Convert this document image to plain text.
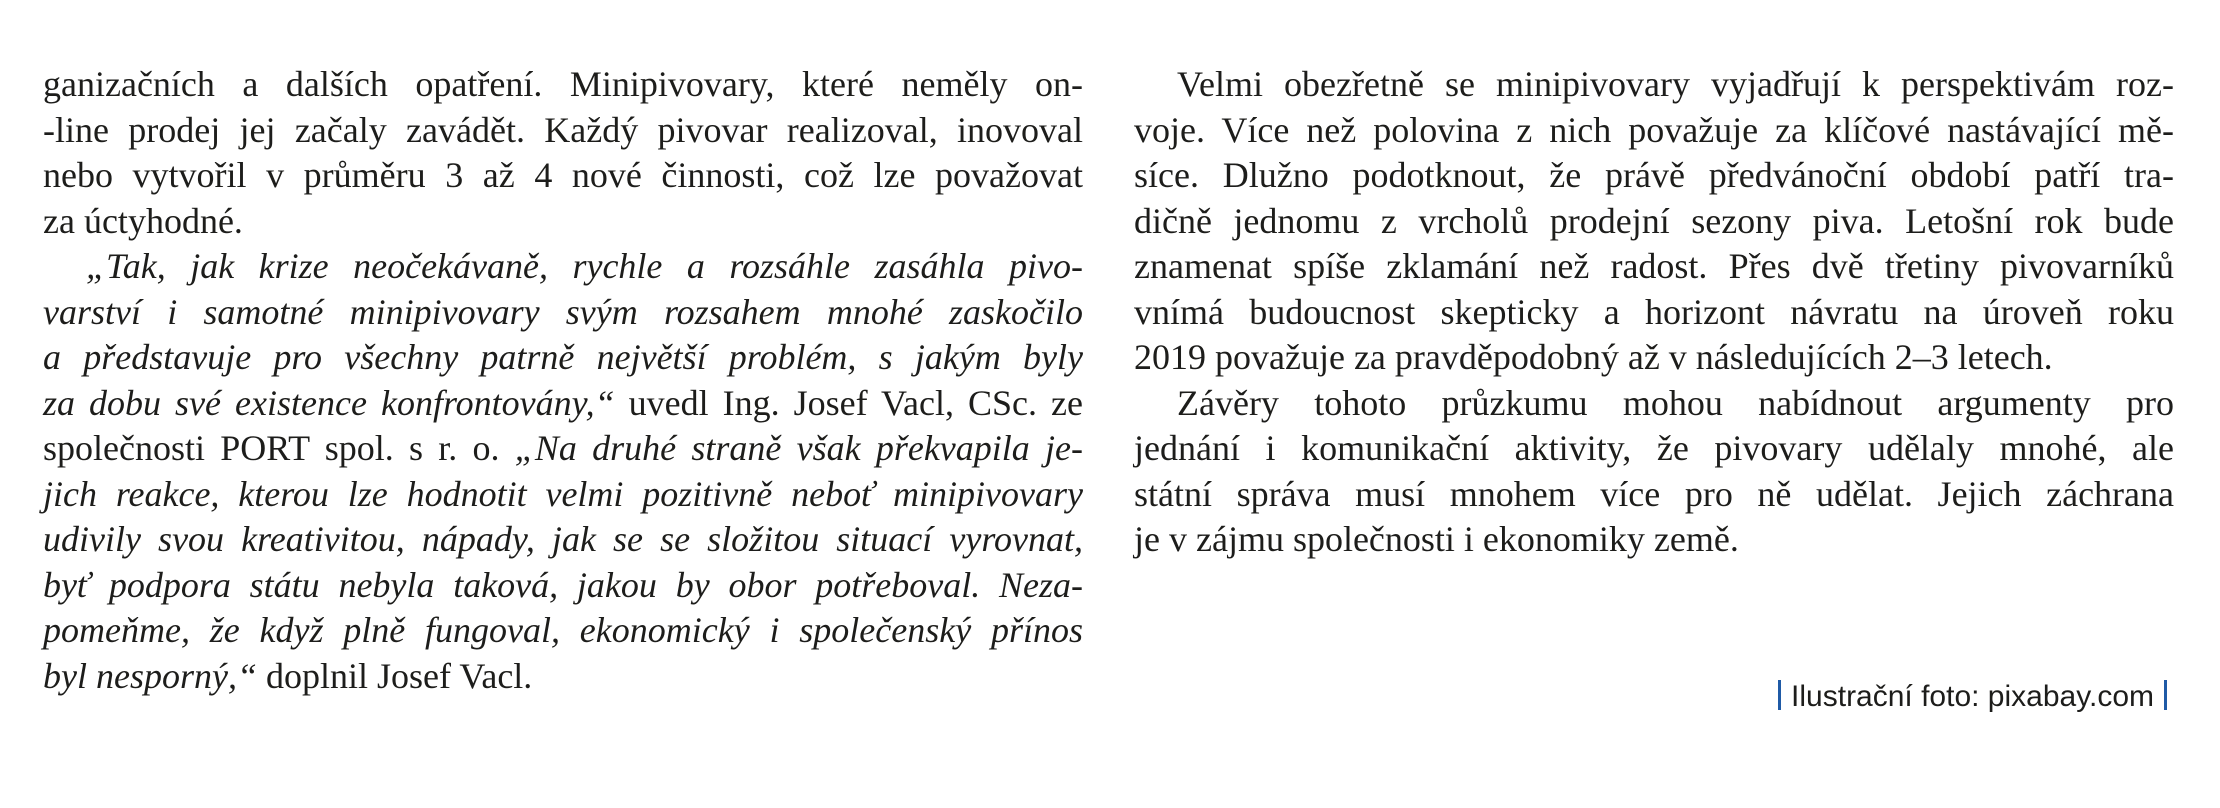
ganizačních a dalších opatření. Minipivovary, které neměly on-
-line prodej jej začaly zavádět. Každý pivovar realizoval, inovoval
nebo vytvořil v průměru 3 až 4 nové činnosti, což lze považovat
za úctyhodné.
„Tak, jak krize neočekávaně, rychle a rozsáhle zasáhla pivo-
varství i samotné minipivovary svým rozsahem mnohé zaskočilo
a představuje pro všechny patrně největší problém, s jakým byly
za dobu své existence konfrontovány,“ uvedl Ing. Josef Vacl, CSc. ze
společnosti PORT spol. s r. o. „Na druhé straně však překvapila je-
jich reakce, kterou lze hodnotit velmi pozitivně neboť minipivovary
udivily svou kreativitou, nápady, jak se se složitou situací vyrovnat,
byť podpora státu nebyla taková, jakou by obor potřeboval. Neza-
pomeňme, že když plně fungoval, ekonomický i společenský přínos
byl nesporný,“ doplnil Josef Vacl.
Velmi obezřetně se minipivovary vyjadřují k perspektivám roz-
voje. Více než polovina z nich považuje za klíčové nastávající mě-
síce. Dlužno podotknout, že právě předvánoční období patří tra-
dičně jednomu z vrcholů prodejní sezony piva. Letošní rok bude
znamenat spíše zklamání než radost. Přes dvě třetiny pivovarníků
vnímá budoucnost skepticky a horizont návratu na úroveň roku
2019 považuje za pravděpodobný až v následujících 2–3 letech.
Závěry tohoto průzkumu mohou nabídnout argumenty pro
jednání i komunikační aktivity, že pivovary udělaly mnohé, ale
státní správa musí mnohem více pro ně udělat. Jejich záchrana
je v zájmu společnosti i ekonomiky země.
Ilustrační foto: pixabay.com
